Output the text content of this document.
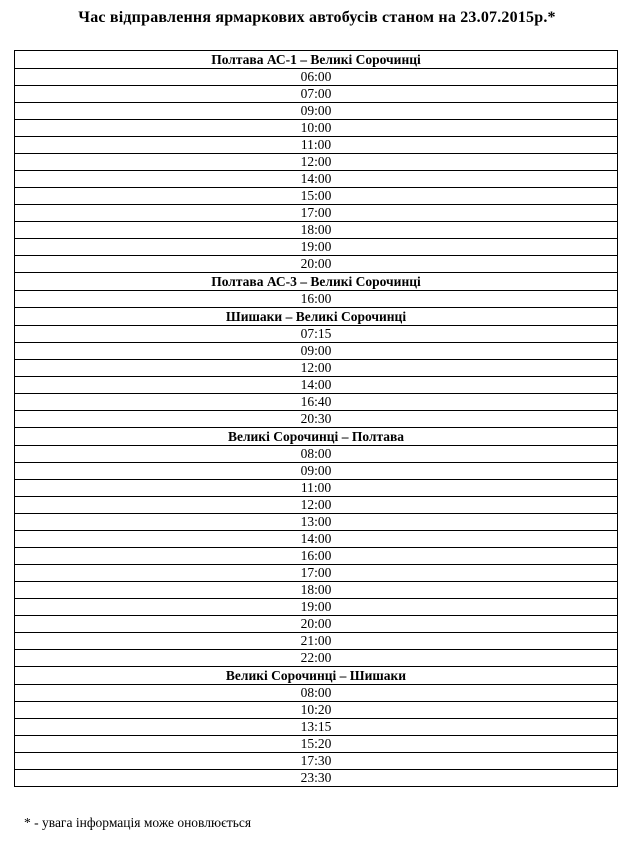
Час відправлення ярмаркових автобусів станом на 23.07.2015р.*
Полтава АС-1 – Великі Сорочинці
06:00
07:00
09:00
10:00
11:00
12:00
14:00
15:00
17:00
18:00
19:00
20:00
Полтава АС-3 – Великі Сорочинці
16:00
Шишаки – Великі Сорочинці
07:15
09:00
12:00
14:00
16:40
20:30
Великі Сорочинці – Полтава
08:00
09:00
11:00
12:00
13:00
14:00
16:00
17:00
18:00
19:00
20:00
21:00
22:00
Великі Сорочинці – Шишаки
08:00
10:20
13:15
15:20
17:30
23:30
* - увага інформація може оновлюється
